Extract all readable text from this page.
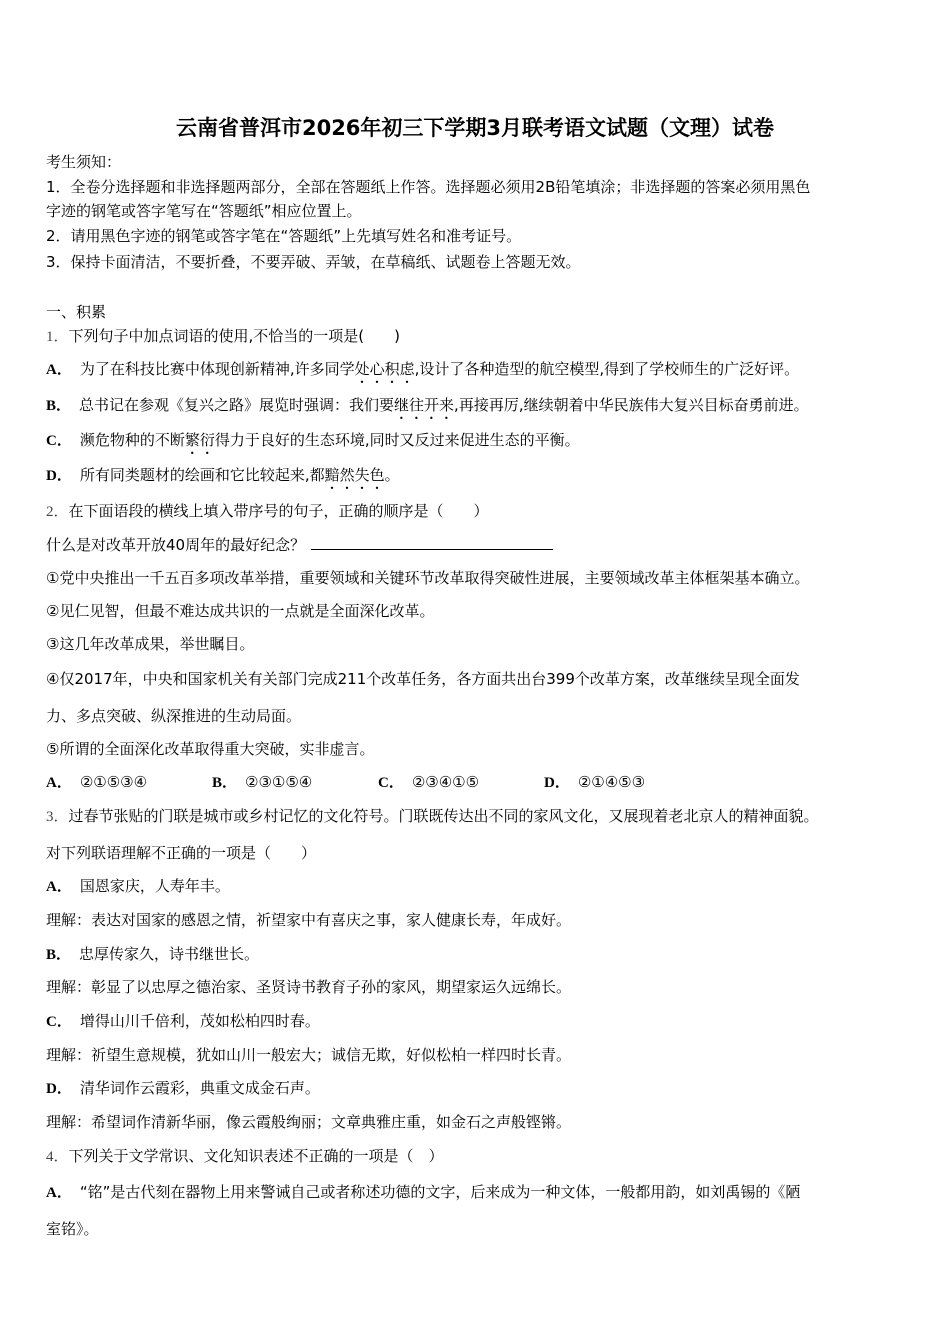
云南省普洱市2026年初三下学期3月联考语文试题（文理）试卷
考生须知：
1．全卷分选择题和非选择题两部分，全部在答题纸上作答。选择题必须用2B铅笔填涂；非选择题的答案必须用黑色
字迹的钢笔或答字笔写在“答题纸”相应位置上。
2．请用黑色字迹的钢笔或答字笔在“答题纸”上先填写姓名和准考证号。
3．保持卡面清洁，不要折叠，不要弄破、弄皱，在草稿纸、试题卷上答题无效。
一、积累
1．下列句子中加点词语的使用,不恰当的一项是(　　)
A． 为了在科技比赛中体现创新精神,许多同学处心积虑,设计了各种造型的航空模型,得到了学校师生的广泛好评。
B． 总书记在参观《复兴之路》展览时强调：我们要继往开来,再接再厉,继续朝着中华民族伟大复兴目标奋勇前进。
C． 濒危物种的不断繁衍得力于良好的生态环境,同时又反过来促进生态的平衡。
D． 所有同类题材的绘画和它比较起来,都黯然失色。
2．在下面语段的横线上填入带序号的句子，正确的顺序是（　　）
什么是对改革开放40周年的最好纪念？
①党中央推出一千五百多项改革举措，重要领域和关键环节改革取得突破性进展，主要领域改革主体框架基本确立。
②见仁见智，但最不难达成共识的一点就是全面深化改革。
③这几年改革成果，举世瞩目。
④仅2017年，中央和国家机关有关部门完成211个改革任务，各方面共出台399个改革方案，改革继续呈现全面发
力、多点突破、纵深推进的生动局面。
⑤所谓的全面深化改革取得重大突破，实非虚言。
A． ②①⑤③④	B． ②③①⑤④	C． ②③④①⑤	D． ②①④⑤③
3．过春节张贴的门联是城市或乡村记忆的文化符号。门联既传达出不同的家风文化，又展现着老北京人的精神面貌。
对下列联语理解不正确的一项是（　　）
A． 国恩家庆，人寿年丰。
理解：表达对国家的感恩之情，祈望家中有喜庆之事，家人健康长寿，年成好。
B． 忠厚传家久，诗书继世长。
理解：彰显了以忠厚之德治家、圣贤诗书教育子孙的家风，期望家运久远绵长。
C． 增得山川千倍利，茂如松柏四时春。
理解：祈望生意规模，犹如山川一般宏大；诚信无欺，好似松柏一样四时长青。
D． 清华词作云霞彩，典重文成金石声。
理解：希望词作清新华丽，像云霞般绚丽；文章典雅庄重，如金石之声般铿锵。
4．下列关于文学常识、文化知识表述不正确的一项是（　）
A． “铭”是古代刻在器物上用来警诫自己或者称述功德的文字，后来成为一种文体，一般都用韵，如刘禹锡的《陋
室铭》。
